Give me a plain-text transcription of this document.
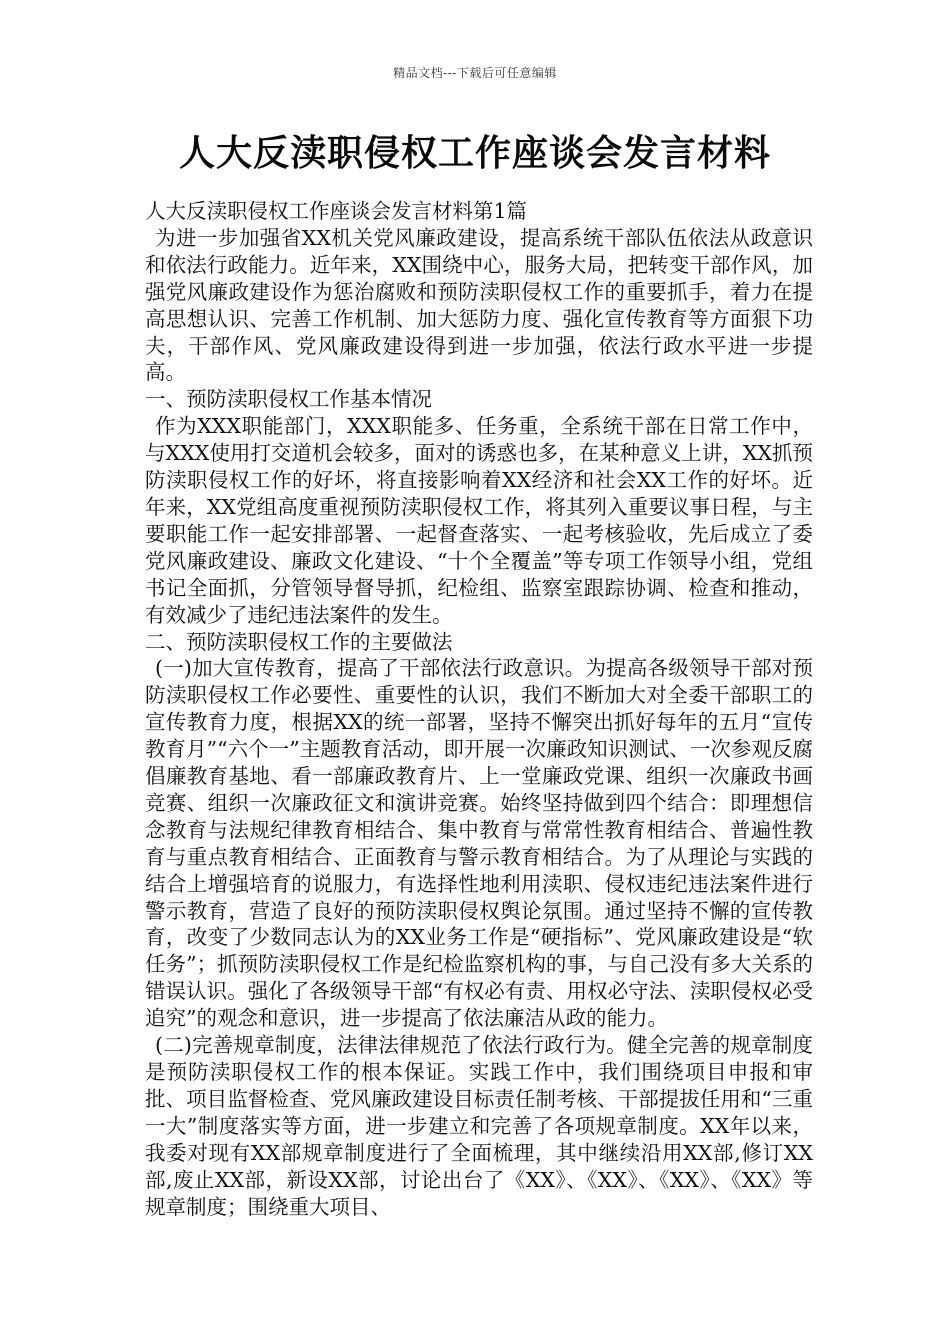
精品文档---下载后可任意编辑
人大反渎职侵权工作座谈会发言材料

人大反渎职侵权工作座谈会发言材料第1篇

为进一步加强省XX机关党风廉政建设，提高系统干部队伍依法从政意识和依法行政能力。近年来，XX围绕中心，服务大局，把转变干部作风，加强党风廉政建设作为惩治腐败和预防渎职侵权工作的重要抓手，着力在提高思想认识、完善工作机制、加大惩防力度、强化宣传教育等方面狠下功夫，干部作风、党风廉政建设得到进一步加强，依法行政水平进一步提高。

一、预防渎职侵权工作基本情况

作为XXX职能部门，XXX职能多、任务重，全系统干部在日常工作中，与XXX使用打交道机会较多，面对的诱惑也多，在某种意义上讲，XX抓预防渎职侵权工作的好坏，将直接影响着XX经济和社会XX工作的好坏。近年来，XX党组高度重视预防渎职侵权工作，将其列入重要议事日程，与主要职能工作一起安排部署、一起督查落实、一起考核验收，先后成立了委党风廉政建设、廉政文化建设、“十个全覆盖”等专项工作领导小组，党组书记全面抓，分管领导督导抓，纪检组、监察室跟踪协调、检查和推动，有效减少了违纪违法案件的发生。

二、预防渎职侵权工作的主要做法

(一)加大宣传教育，提高了干部依法行政意识。为提高各级领导干部对预防渎职侵权工作必要性、重要性的认识，我们不断加大对全委干部职工的宣传教育力度，根据XX的统一部署，坚持不懈突出抓好每年的五月“宣传教育月”“六个一”主题教育活动，即开展一次廉政知识测试、一次参观反腐倡廉教育基地、看一部廉政教育片、上一堂廉政党课、组织一次廉政书画竞赛、组织一次廉政征文和演讲竞赛。始终坚持做到四个结合：即理想信念教育与法规纪律教育相结合、集中教育与常常性教育相结合、普遍性教育与重点教育相结合、正面教育与警示教育相结合。为了从理论与实践的结合上增强培育的说服力，有选择性地利用渎职、侵权违纪违法案件进行警示教育，营造了良好的预防渎职侵权舆论氛围。通过坚持不懈的宣传教育，改变了少数同志认为的XX业务工作是“硬指标”、党风廉政建设是“软任务”；抓预防渎职侵权工作是纪检监察机构的事，与自己没有多大关系的错误认识。强化了各级领导干部“有权必有责、用权必守法、渎职侵权必受追究”的观念和意识，进一步提高了依法廉洁从政的能力。

(二)完善规章制度，法律法律规范了依法行政行为。健全完善的规章制度是预防渎职侵权工作的根本保证。实践工作中，我们围绕项目申报和审批、项目监督检查、党风廉政建设目标责任制考核、干部提拔任用和“三重一大”制度落实等方面，进一步建立和完善了各项规章制度。XX年以来，我委对现有XX部规章制度进行了全面梳理，其中继续沿用XX部,修订XX部,废止XX部，新设XX部，讨论出台了《XX》、《XX》、《XX》、《XX》等规章制度；围绕重大项目、
